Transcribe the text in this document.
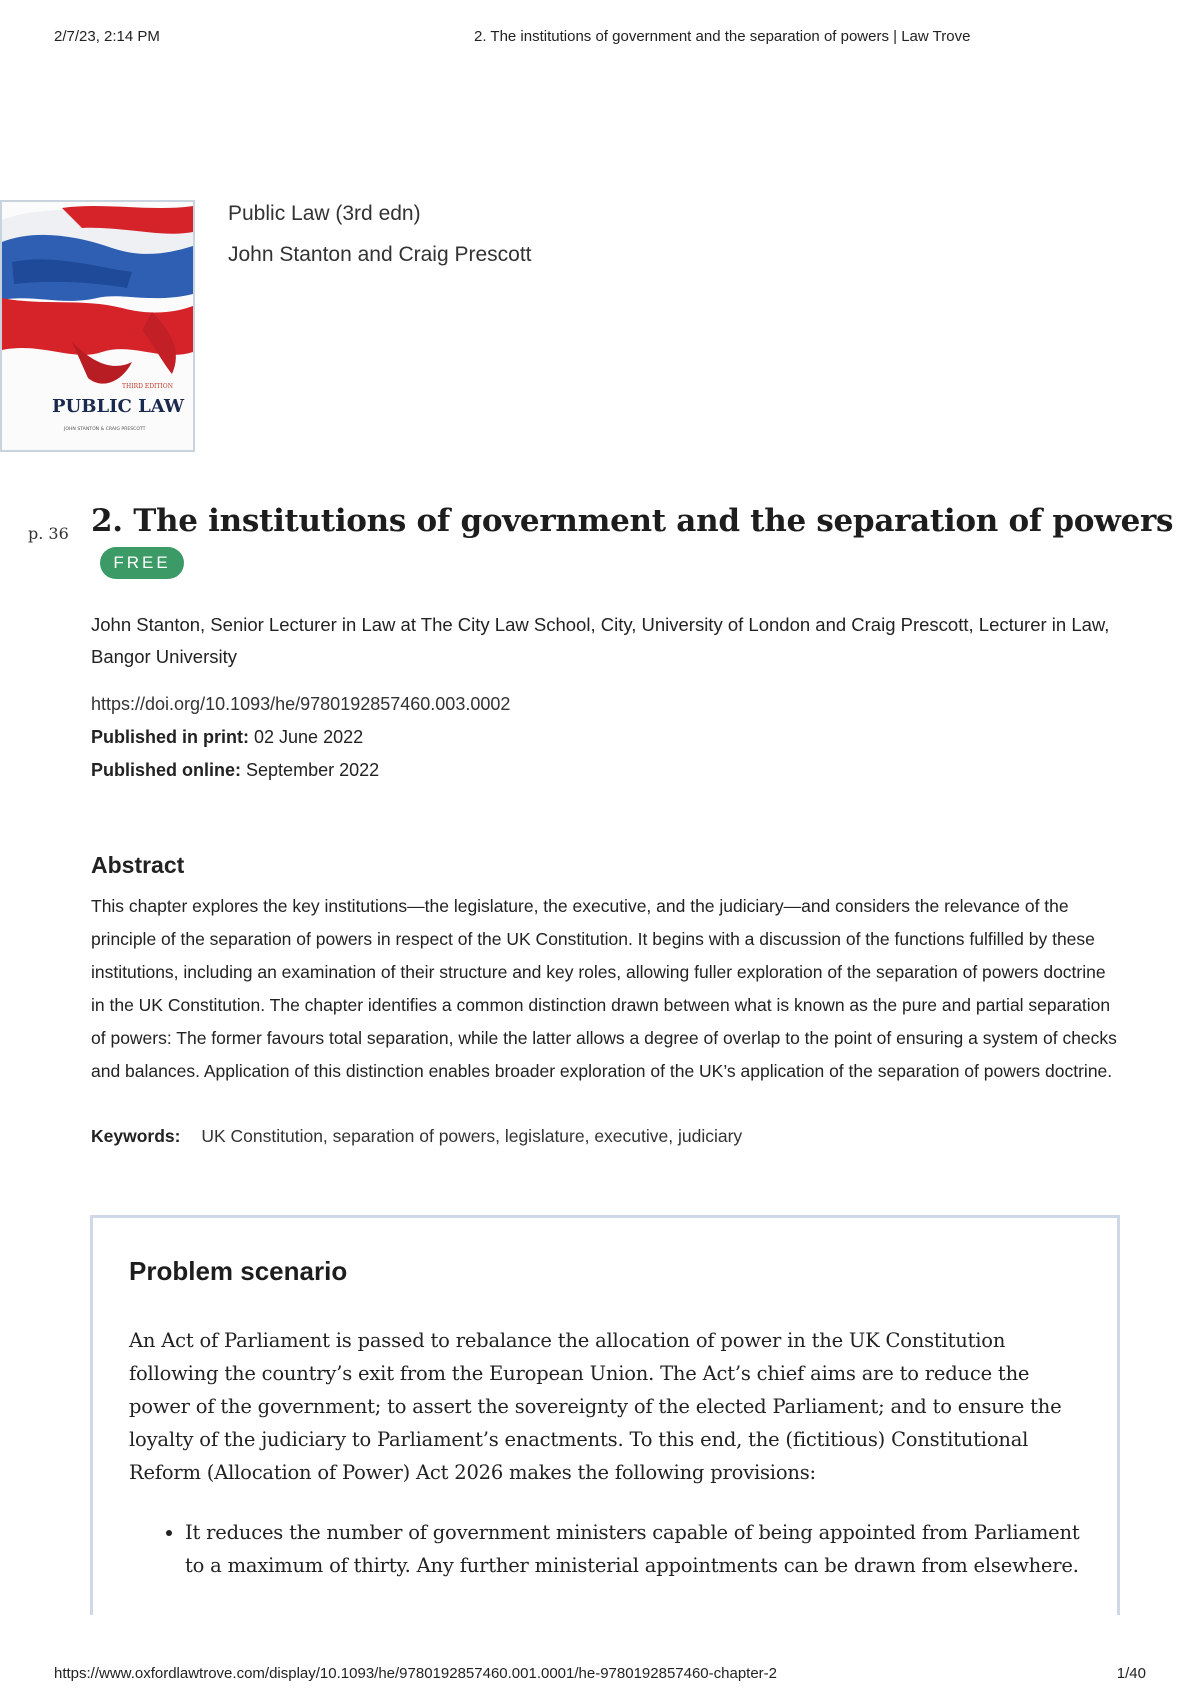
2/7/23, 2:14 PM	2. The institutions of government and the separation of powers | Law Trove
THIRD EDITION
PUBLIC LAW
JOHN STANTON & CRAIG PRESCOTT
Public Law (3rd edn)
John Stanton and Craig Prescott
p. 36 2. The institutions of government and the separation of powers
FREE

John Stanton, Senior Lecturer in Law at The City Law School, City, University of London and Craig Prescott, Lecturer in Law, Bangor University

https://doi.org/10.1093/he/9780192857460.003.0002
Published in print: 02 June 2022
Published online: September 2022
Abstract

This chapter explores the key institutions—the legislature, the executive, and the judiciary—and considers the relevance of the principle of the separation of powers in respect of the UK Constitution. It begins with a discussion of the functions fulfilled by these institutions, including an examination of their structure and key roles, allowing fuller exploration of the separation of powers doctrine in the UK Constitution. The chapter identifies a common distinction drawn between what is known as the pure and partial separation of powers: The former favours total separation, while the latter allows a degree of overlap to the point of ensuring a system of checks and balances. Application of this distinction enables broader exploration of the UK’s application of the separation of powers doctrine.

Keywords: UK Constitution, separation of powers, legislature, executive, judiciary
Problem scenario

An Act of Parliament is passed to rebalance the allocation of power in the UK Constitution following the country’s exit from the European Union. The Act’s chief aims are to reduce the power of the government; to assert the sovereignty of the elected Parliament; and to ensure the loyalty of the judiciary to Parliament’s enactments. To this end, the (fictitious) Constitutional Reform (Allocation of Power) Act 2026 makes the following provisions:

• It reduces the number of government ministers capable of being appointed from Parliament to a maximum of thirty. Any further ministerial appointments can be drawn from elsewhere.
https://www.oxfordlawtrove.com/display/10.1093/he/9780192857460.001.0001/he-9780192857460-chapter-2	1/40
